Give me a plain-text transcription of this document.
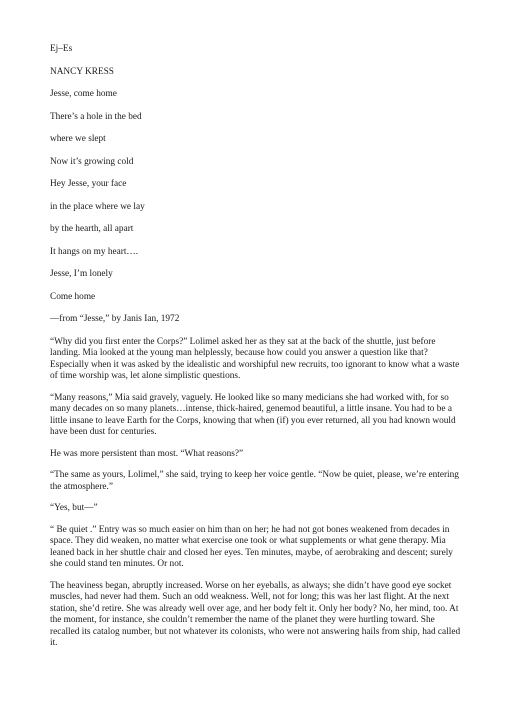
Ej–Es

NANCY KRESS

Jesse, come home

There’s a hole in the bed

where we slept

Now it’s growing cold

Hey Jesse, your face

in the place where we lay

by the hearth, all apart

It hangs on my heart….

Jesse, I’m lonely

Come home

—from “Jesse,” by Janis Ian, 1972

“Why did you first enter the Corps?” Lolimel asked her as they sat at the back of the shuttle, just before landing. Mia looked at the young man helplessly, because how could you answer a question like that? Especially when it was asked by the idealistic and worshipful new recruits, too ignorant to know what a waste of time worship was, let alone simplistic questions.

“Many reasons,” Mia said gravely, vaguely. He looked like so many medicians she had worked with, for so many decades on so many planets…intense, thick-haired, genemod beautiful, a little insane. You had to be a little insane to leave Earth for the Corps, knowing that when (if) you ever returned, all you had known would have been dust for centuries.

He was more persistent than most. “What reasons?”

“The same as yours, Lolimel,” she said, trying to keep her voice gentle. “Now be quiet, please, we’re entering the atmosphere.”

“Yes, but—”

“ Be quiet .” Entry was so much easier on him than on her; he had not got bones weakened from decades in space. They did weaken, no matter what exercise one took or what supplements or what gene therapy. Mia leaned back in her shuttle chair and closed her eyes. Ten minutes, maybe, of aerobraking and descent; surely she could stand ten minutes. Or not.

The heaviness began, abruptly increased. Worse on her eyeballs, as always; she didn’t have good eye socket muscles, had never had them. Such an odd weakness. Well, not for long; this was her last flight. At the next station, she’d retire. She was already well over age, and her body felt it. Only her body? No, her mind, too. At the moment, for instance, she couldn’t remember the name of the planet they were hurtling toward. She recalled its catalog number, but not whatever its colonists, who were not answering hails from ship, had called it.
